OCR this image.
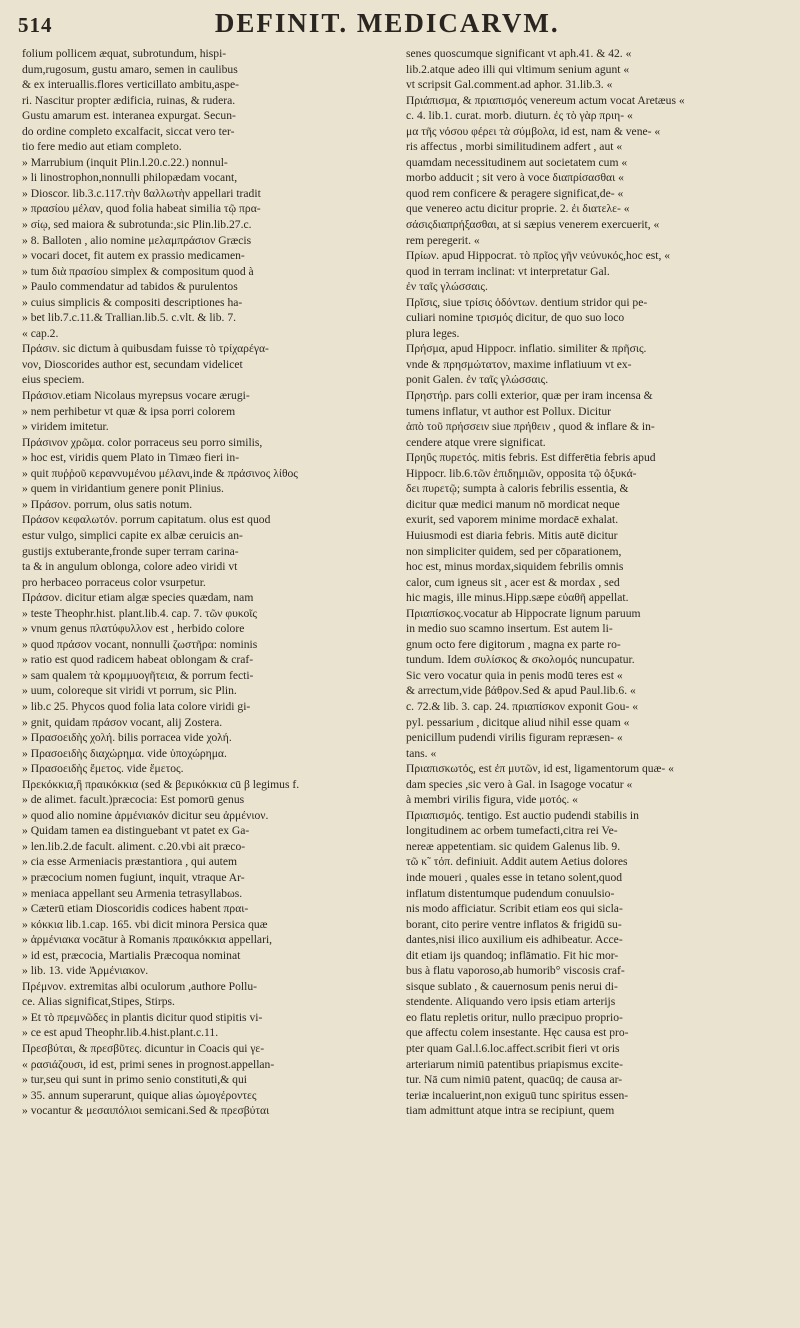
514	DEFINIT. MEDICARVM.

folium pollicem æquat, subrotundum, hispi-

dum,rugosum, gustu amaro, semen in caulibus

& ex interuallis.flores verticillato ambitu,aspe-

ri. Nascitur propter ædificia, ruinas, & rudera.

Gustu amarum est. interanea expurgat. Secun-

do ordine completo excalfacit, siccat vero ter-

tio fere medio aut etiam completo.

» Marrubium (inquit Plin.l.20.c.22.) nonnul-

» li linostrophon,nonnulli philopædam vocant,

» Dioscor. lib.3.c.117.τὴν ϐαλλωτὴν appellari tradit

» πρασίου μέλαν, quod folia habeat similia τῷ πρα-

» σίῳ, sed maiora & subrotunda:,sic Plin.lib.27.c.

» 8. Balloten , alio nomine μελαμπράσιον Græcis

» vocari docet, fit autem ex prassio medicamen-

» tum διὰ πρασίου simplex & compositum quod à

» Paulo commendatur ad tabidos & purulentos

» cuius simplicis & compositi descriptiones ha-

» bet lib.7.c.11.& Trallian.lib.5. c.vlt. & lib. 7.

« cap.2.

Πράσιν. sic dictum à quibusdam fuisse τὸ τρίχαρέγα-

νον, Dioscorides author est, secundam videlicet

eius speciem.

Πράσιον.etiam Nicolaus myrepsus vocare ærugi-

» nem perhibetur vt quæ & ipsa porri colorem

» viridem imitetur.

Πράσινον χρῶμα. color porraceus seu porro similis,

» hoc est, viridis quem Plato in Timæo fieri in-

» quit πυῤῥοῦ κεραννυμένου μέλανι,inde & πράσινος λίθος

» quem in viridantium genere ponit Plinius.

» Πράσον. porrum, olus satis notum.

Πράσον κεφαλωτόν. porrum capitatum. olus est quod

estur vulgo, simplici capite ex albæ ceruicis an-

gustijs extuberante,fronde super terram carina-

ta & in angulum oblonga, colore adeo viridi vt

pro herbaceo porraceus color vsurpetur.

Πράσον. dicitur etiam algæ species quædam, nam

» teste Theophr.hist. plant.lib.4. cap. 7. τῶν φυκοῖς

» vnum genus πλατύφυλλον est , herbido colore

» quod πράσον vocant, nonnulli ζωστῆρα: nominis

» ratio est quod radicem habeat oblongam & craf-

» sam qualem τὰ κρομμυογῆτεια, & porrum fecti-

» uum, coloreque sit viridi vt porrum, sic Plin.

» lib.c 25. Phycos quod folia lata colore viridi gi-

» gnit, quidam πράσον vocant, alij Zostera.

» Πρασοειδὴς χολή. bilis porracea vide χολή.

» Πρασοειδὴς διαχώρημα. vide ὑποχώρημα.

» Πρασοειδὴς ἔμετος. vide ἔμετος.

Πρεκόκκια,ἢ πραικόκκια (sed & βερικόκκια cū β legimus f.

» de alimet. facult.)præcocia: Est pomorū genus

» quod alio nomine ἀρμένιακόν dicitur seu ἀρμένιον.

» Quidam tamen ea distinguebant vt patet ex Ga-

» len.lib.2.de facult. aliment. c.20.vbi ait præco-

» cia esse Armeniacis præstantiora , qui autem

» præcocium nomen fugiunt, inquit, vtraque Ar-

» meniaca appellant seu Armenia tetrasyllabωs.

» Cæterū etiam Dioscoridis codices habent πραι-

» κόκκια lib.1.cap. 165. vbi dicit minora Persica quæ

» ἀρμένιακα vocātur à Romanis πραικόκκια appellari,

» id est, præcocia, Martialis Præcoqua nominat

» lib. 13. vide Ἀρμένιακον.

Πρέμνον. extremitas albi oculorum ,authore Pollu-

ce. Alias significat,Stipes, Stirps.

» Et τὸ πρεμνῶδες in plantis dicitur quod stipitis vi-

» ce est apud Theophr.lib.4.hist.plant.c.11.

Πρεσβύται, & πρεσβῦτες. dicuntur in Coacis qui γε-

« ρασιάζουσι, id est, primi senes in prognost.appellan-

» tur,seu qui sunt in primo senio constituti,& qui

» 35. annum superarunt, quique alias ὠμογέροντες

» vocantur & μεσαιπόλιοι semicani.Sed & πρεσβύται

senes quoscumque significant vt aph.41. & 42. «

lib.2.atque adeo illi qui vltimum senium agunt «

vt scripsit Gal.comment.ad aphor. 31.lib.3. «

Πριάπισμα, & πριαπισμός venereum actum vocat Aretæus «

c. 4. lib.1. curat. morb. diuturn. ἐς τὸ γὰρ πριη- «

μα τῆς νόσου φέρει τὰ σύμβολα, id est, nam & vene- «

ris affectus , morbi similitudinem adfert , aut «

quamdam necessitudinem aut societatem cum «

morbo adducit ; sit vero à voce διαπρίσασθαι «

quod rem conficere & peragere significat,de- «

que venereo actu dicitur proprie. 2. ἐι διατελε- «

σάσιςδιαπρήξασθαι, at si sæpius venerem exercuerit, «

rem peregerit. «

Πρίων. apud Hippocrat. τὸ πρῖος γῆν νεύνυκός,hoc est, «

quod in terram inclinat: vt interpretatur Gal.

ἐν ταῖς γλώσσαις.

Πρῖσις, siue τρίσις ὀδόντων. dentium stridor qui pe-

culiari nomine τρισμός dicitur, de quo suo loco

plura leges.

Πρήσμα, apud Hippocr. inflatio. similiter & πρῆσις.

vnde & πρησμώτατον, maxime inflatiuum vt ex-

ponit Galen. ἐν ταῖς γλώσσαις.

Πρηστήρ. pars colli exterior, quæ per iram incensa &

tumens inflatur, vt author est Pollux. Dicitur

ἀπὸ τοῦ πρήσσειν siue πρήθειν , quod & inflare & in-

cendere atque vrere significat.

Πρηΰς πυρετός. mitis febris. Est differētia febris apud

Hippocr. lib.6.τῶν ἐπιδημιῶν, opposita τῷ ὀξυκά-

δει πυρετῷ; sumpta à caloris febrilis essentia, &

dicitur quæ medici manum nō mordicat neque

exurit, sed vaporem minime mordacē exhalat.

Huiusmodi est diaria febris. Mitis autē dicitur

non simpliciter quidem, sed per cōparationem,

hoc est, minus mordax,siquidem febrilis omnis

calor, cum igneus sit , acer est & mordax , sed

hic magis, ille minus.Hipp.sæpe εὐαθῆ appellat.

Πριαπίσκος.vocatur ab Hippocrate lignum paruum

in medio suo scamno insertum. Est autem li-

gnum octo fere digitorum , magna ex parte ro-

tundum. Idem συλίσκος & σκολομός nuncupatur.

Sic vero vocatur quia in penis modū teres est «

& arrectum,vide βάθρον.Sed & apud Paul.lib.6. «

c. 72.& lib. 3. cap. 24. πριαπίσκον exponit Gou- «

pyl. pessarium , dicitque aliud nihil esse quam «

penicillum pudendi virilis figuram repræsen- «

tans. «

Πριαπισκωτός, est ἐπ μυτῶν, id est, ligamentorum quæ- «

dam species ,sic vero à Gal. in Isagoge vocatur «

à membri virilis figura, vide μοτός. «

Πριαπισμός. tentigo. Est auctio pudendi stabilis in

longitudinem ac orbem tumefacti,citra rei Ve-

nereæ appetentiam. sic quidem Galenus lib. 9.

τῶ κ῀ τόπ. definiuit. Addit autem Aetius dolores

inde moueri , quales esse in tetano solent,quod

inflatum distentumque pudendum conuulsio-

nis modo afficiatur. Scribit etiam eos qui sicla-

borant, cito perire ventre inflatos & frigidū su-

dantes,nisi ilico auxilium eis adhibeatur. Acce-

dit etiam ijs quandoq; inflāmatio. Fit hic mor-

bus à flatu vaporoso,ab humorib° viscosis craf-

sisque sublato , & cauernosum penis nerui di-

stendente. Aliquando vero ipsis etiam arterijs

eo flatu repletis oritur, nullo præcipuo proprio-

que affectu colem insestante. Hęc causa est pro-

pter quam Gal.l.6.loc.affect.scribit fieri vt oris

arteriarum nimiū patentibus priapismus excite-

tur. Nā cum nimiū patent, quacūq; de causa ar-

teriæ incaluerint,non exiguū tunc spiritus essen-

tiam admittunt atque intra se recipiunt, quem
